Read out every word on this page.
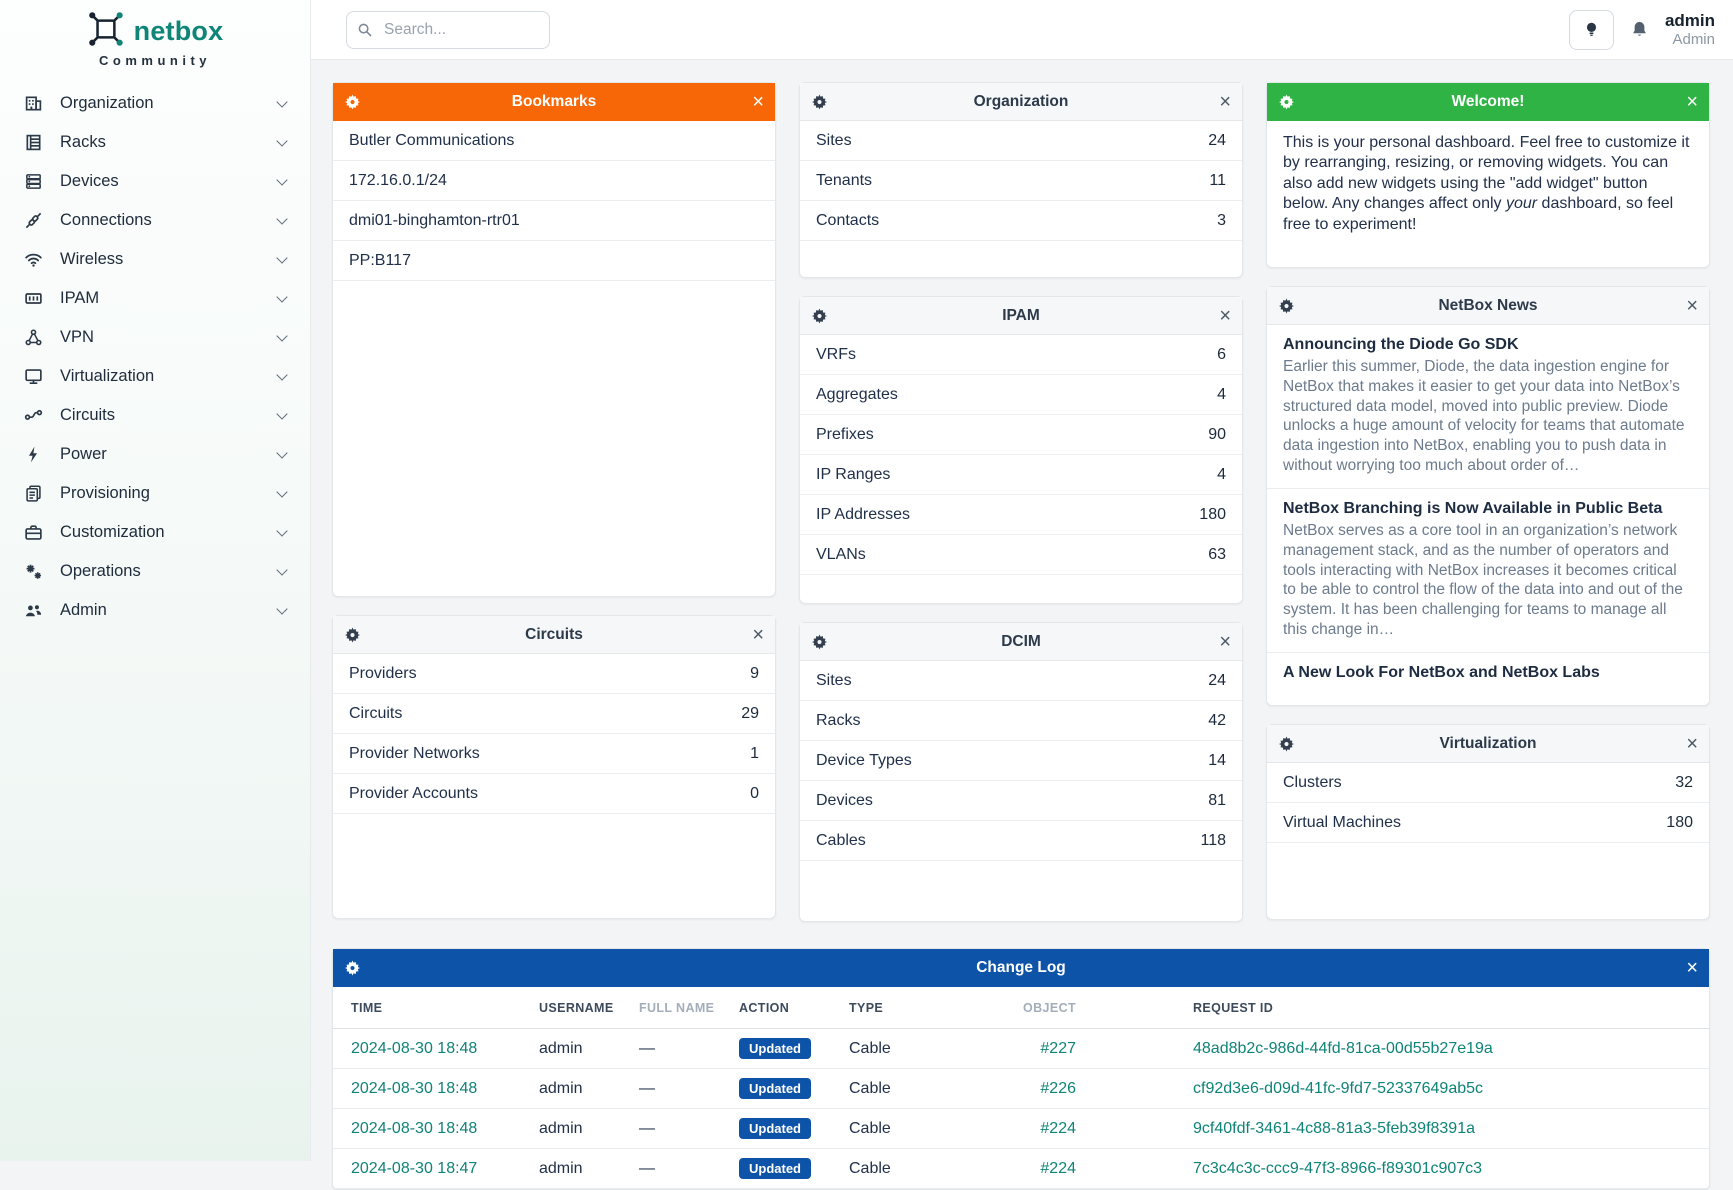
netbox
Community
Organization
Racks
Devices
Connections
Wireless
IPAM
VPN
Virtualization
Circuits
Power
Provisioning
Customization
Operations
Admin
Search...
admin
Admin
Bookmarks	×
Butler Communications
172.16.0.1/24
dmi01-binghamton-rtr01
PP:B117
Circuits	×
Providers	9
Circuits	29
Provider Networks	1
Provider Accounts	0
Organization	×
Sites	24
Tenants	11
Contacts	3
IPAM	×
VRFs	6
Aggregates	4
Prefixes	90
IP Ranges	4
IP Addresses	180
VLANs	63
DCIM	×
Sites	24
Racks	42
Device Types	14
Devices	81
Cables	118
Welcome!	×

This is your personal dashboard. Feel free to customize it by rearranging, resizing, or removing widgets. You can also add new widgets using the "add widget" button below. Any changes affect only your dashboard, so feel free to experiment!

NetBox News	×
Announcing the Diode Go SDK

Earlier this summer, Diode, the data ingestion engine for NetBox that makes it easier to get your data into NetBox’s structured data model, moved into public preview. Diode unlocks a huge amount of velocity for teams that automate data ingestion into NetBox, enabling you to push data in without worrying too much about order of…

NetBox Branching is Now Available in Public Beta

NetBox serves as a core tool in an organization’s network management stack, and as the number of operators and tools interacting with NetBox increases it becomes critical to be able to control the flow of the data into and out of the system. It has been challenging for teams to manage all this change in…

A New Look For NetBox and NetBox Labs
Virtualization	×
Clusters	32
Virtual Machines	180
Change Log	×
TIME	USERNAME	FULL NAME	ACTION	TYPE	OBJECT	REQUEST ID
2024-08-30 18:48	admin	—	Updated	Cable	#227	48ad8b2c-986d-44fd-81ca-00d55b27e19a
2024-08-30 18:48	admin	—	Updated	Cable	#226	cf92d3e6-d09d-41fc-9fd7-52337649ab5c
2024-08-30 18:48	admin	—	Updated	Cable	#224	9cf40fdf-3461-4c88-81a3-5feb39f8391a
2024-08-30 18:47	admin	—	Updated	Cable	#224	7c3c4c3c-ccc9-47f3-8966-f89301c907c3
